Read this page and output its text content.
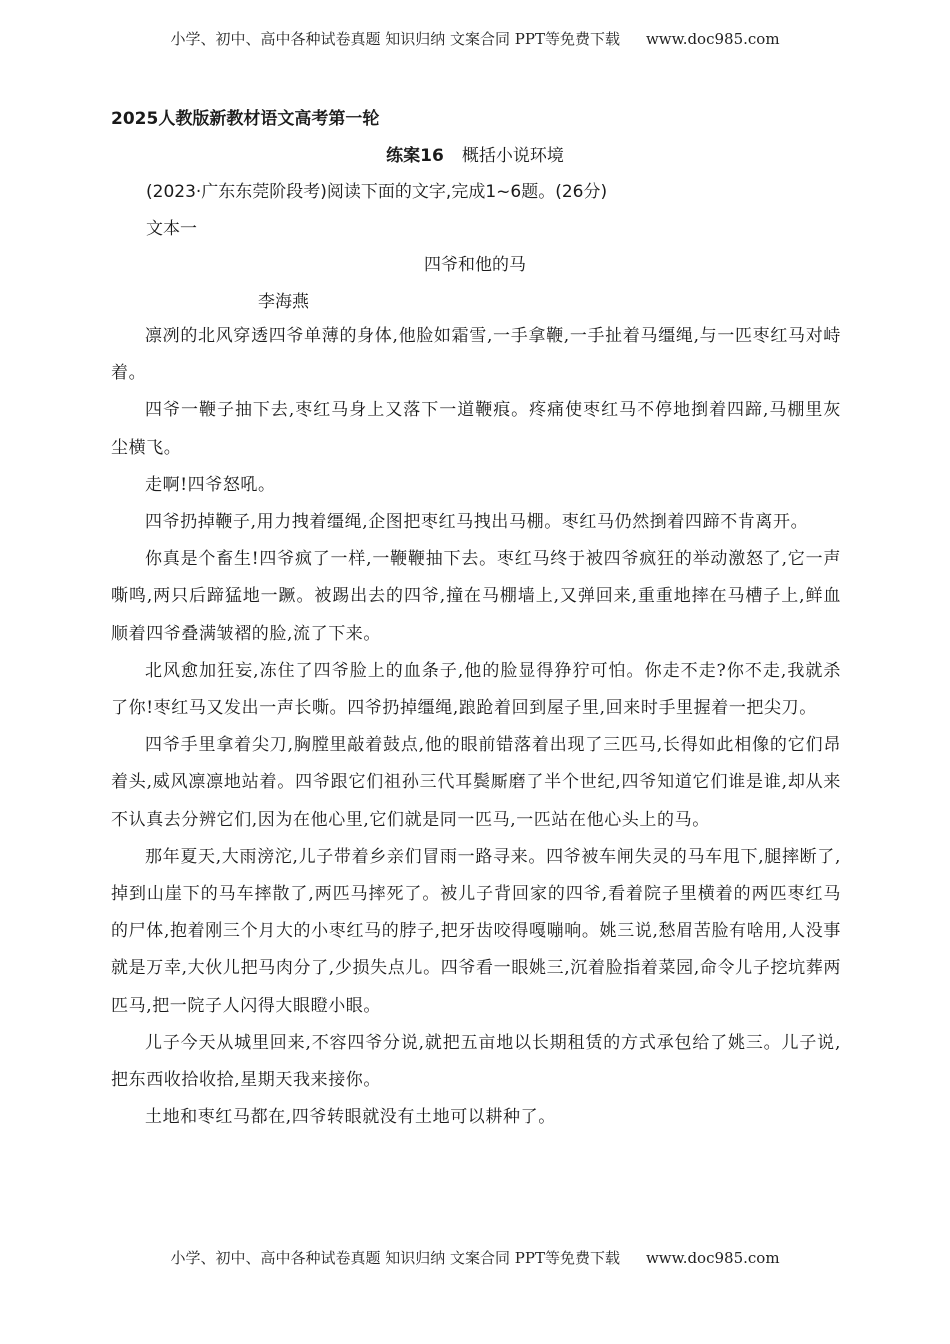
小学、初中、高中各种试卷真题 知识归纳 文案合同 PPT等免费下载 www.doc985.com
2025人教版新教材语文高考第一轮
练案16 概括小说环境
(2023·广东东莞阶段考)阅读下面的文字,完成1~6题。(26分)
文本一
四爷和他的马
李海燕

凛冽的北风穿透四爷单薄的身体,他脸如霜雪,一手拿鞭,一手扯着马缰绳,与一匹枣红马对峙着。

四爷一鞭子抽下去,枣红马身上又落下一道鞭痕。疼痛使枣红马不停地捯着四蹄,马棚里灰尘横飞。

走啊!四爷怒吼。

四爷扔掉鞭子,用力拽着缰绳,企图把枣红马拽出马棚。枣红马仍然捯着四蹄不肯离开。

你真是个畜生!四爷疯了一样,一鞭鞭抽下去。枣红马终于被四爷疯狂的举动激怒了,它一声嘶鸣,两只后蹄猛地一蹶。被踢出去的四爷,撞在马棚墙上,又弹回来,重重地摔在马槽子上,鲜血顺着四爷叠满皱褶的脸,流了下来。

北风愈加狂妄,冻住了四爷脸上的血条子,他的脸显得狰狞可怕。你走不走?你不走,我就杀了你!枣红马又发出一声长嘶。四爷扔掉缰绳,踉跄着回到屋子里,回来时手里握着一把尖刀。

四爷手里拿着尖刀,胸膛里敲着鼓点,他的眼前错落着出现了三匹马,长得如此相像的它们昂着头,威风凛凛地站着。四爷跟它们祖孙三代耳鬓厮磨了半个世纪,四爷知道它们谁是谁,却从来不认真去分辨它们,因为在他心里,它们就是同一匹马,一匹站在他心头上的马。

那年夏天,大雨滂沱,儿子带着乡亲们冒雨一路寻来。四爷被车闸失灵的马车甩下,腿摔断了,掉到山崖下的马车摔散了,两匹马摔死了。被儿子背回家的四爷,看着院子里横着的两匹枣红马的尸体,抱着刚三个月大的小枣红马的脖子,把牙齿咬得嘎嘣响。姚三说,愁眉苦脸有啥用,人没事就是万幸,大伙儿把马肉分了,少损失点儿。四爷看一眼姚三,沉着脸指着菜园,命令儿子挖坑葬两匹马,把一院子人闪得大眼瞪小眼。

儿子今天从城里回来,不容四爷分说,就把五亩地以长期租赁的方式承包给了姚三。儿子说,把东西收拾收拾,星期天我来接你。

土地和枣红马都在,四爷转眼就没有土地可以耕种了。

小学、初中、高中各种试卷真题 知识归纳 文案合同 PPT等免费下载 www.doc985.com
